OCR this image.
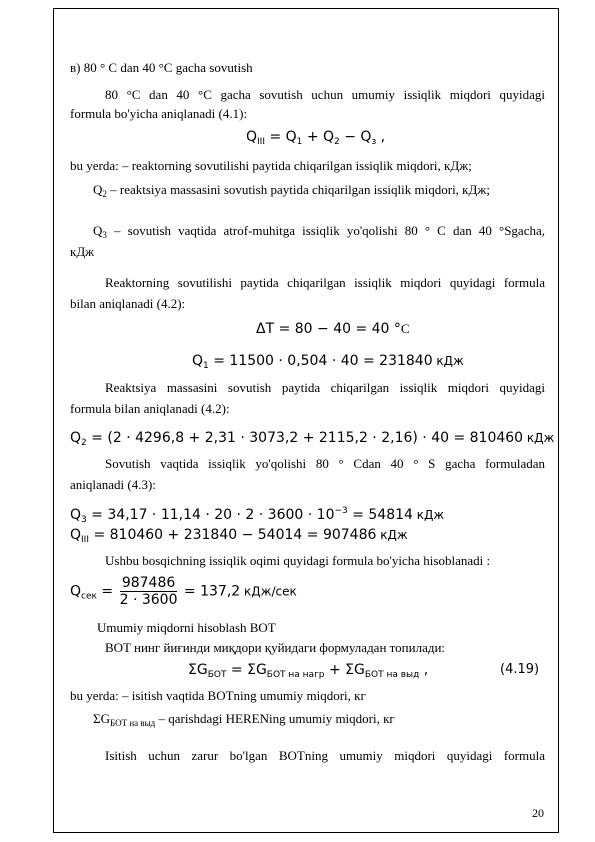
в) 80 ° C dan 40 °C gacha sovutish
80 °C dan 40 °C gacha sovutish uchun umumiy issiqlik miqdori quyidagi
formula bo'yicha aniqlanadi (4.1):
$Q_{III} = Q_1 + Q_2 - Q_з$ ,
bu yerda: – reaktorning sovutilishi paytida chiqarilgan issiqlik miqdori, кДж;
$Q_2$ – reaktsiya massasini sovutish paytida chiqarilgan issiqlik miqdori, кДж;
$Q_3$ – sovutish vaqtida atrof-muhitga issiqlik yo'qolishi 80 ° C dan 40 °Sgacha,
кДж
Reaktorning sovutilishi paytida chiqarilgan issiqlik miqdori quyidagi formula
bilan aniqlanadi (4.2):
ΔT = 80 − 40 = 40 °C
$Q_1 = 11500 \cdot 0,504 \cdot 40 = 231840$ кДж
Reaktsiya massasini sovutish paytida chiqarilgan issiqlik miqdori quyidagi
formula bilan aniqlanadi (4.2):
$Q_2 = (2 \cdot 4296,8 + 2,31 \cdot 3073,2 + 2115,2 \cdot 2,16) \cdot 40 = 810460$ кДж
Sovutish vaqtida issiqlik yo'qolishi 80 ° Cdan 40 ° S gacha formuladan
aniqlanadi (4.3):
$Q_3 = 34,17 \cdot 11,14 \cdot 20 \cdot 2 \cdot 3600 \cdot 10^{-3} = 54814$ кДж
$Q_{III} = 810460 + 231840 - 54014 = 907486$ кДж
Ushbu bosqichning issiqlik oqimi quyidagi formula bo'yicha hisoblanadi :
$Q_{сек} = \frac{987486}{2 \cdot 3600} = 137,2$ кДж/сек
Umumiy miqdorni hisoblash BOT
BOT нинг йиғинди миқдори қуйидаги формуладан топилади:
$\Sigma G_{БОТ} = \Sigma G_{БОТ на нагр} + \Sigma G_{БОТ на выд}$ ,	(4.19)
bu yerda: – isitish vaqtida BOTning umumiy miqdori, кг
$\Sigma G_{БОТ на выд}$ – qarishdagi HERENing umumiy miqdori, кг
Isitish uchun zarur bo'lgan BOTning umumiy miqdori quyidagi formula
20
